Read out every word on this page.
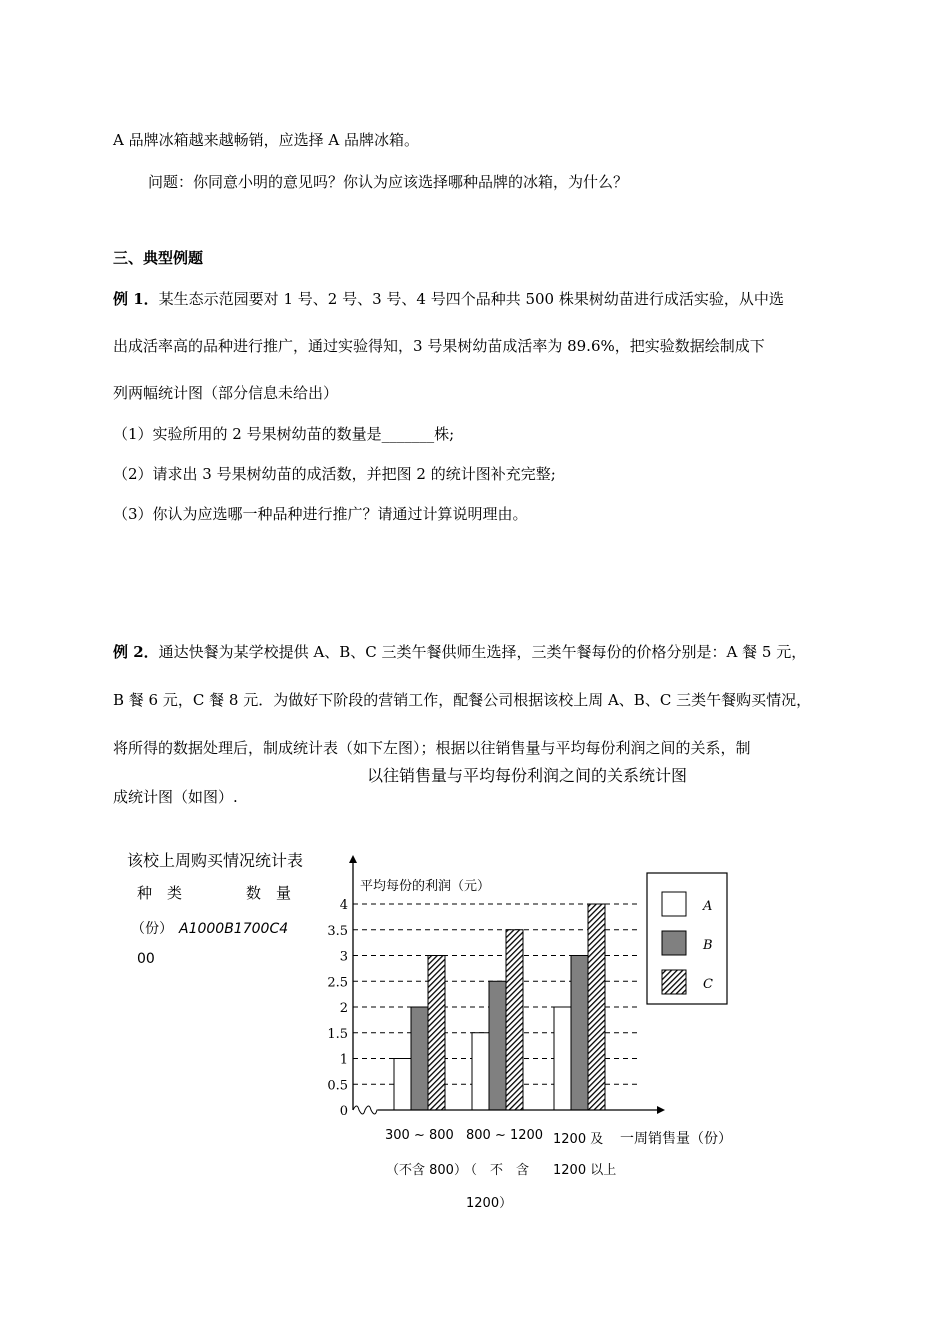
A 品牌冰箱越来越畅销，应选择 A 品牌冰箱。
问题：你同意小明的意见吗？你认为应该选择哪种品牌的冰箱，为什么？
三、典型例题
例 1．某生态示范园要对 1 号、2 号、3 号、4 号四个品种共 500 株果树幼苗进行成活实验，从中选
出成活率高的品种进行推广，通过实验得知，3 号果树幼苗成活率为 89.6%，把实验数据绘制成下
列两幅统计图（部分信息未给出）
（1）实验所用的 2 号果树幼苗的数量是_______株;
（2）请求出 3 号果树幼苗的成活数，并把图 2 的统计图补充完整;
（3）你认为应选哪一种品种进行推广？请通过计算说明理由。
例 2．通达快餐为某学校提供 A、B、C 三类午餐供师生选择，三类午餐每份的价格分别是：A 餐 5 元，
B 餐 6 元，C 餐 8 元．为做好下阶段的营销工作，配餐公司根据该校上周 A、B、C 三类午餐购买情况，
将所得的数据处理后，制成统计表（如下左图）；根据以往销售量与平均每份利润之间的关系，制
成统计图（如图）.
以往销售量与平均每份利润之间的关系统计图
该校上周购买情况统计表
种　类	数　量
（份） A1000B1700C4
00
0
0.5
1
1.5
2
2.5
3
3.5
4
平均每份的利润（元）
A
B
C
300 ~ 800 800 ~ 1200 1200 及 一周销售量（份）
（不含 800）
（　不　含 1200 以上
1200）
